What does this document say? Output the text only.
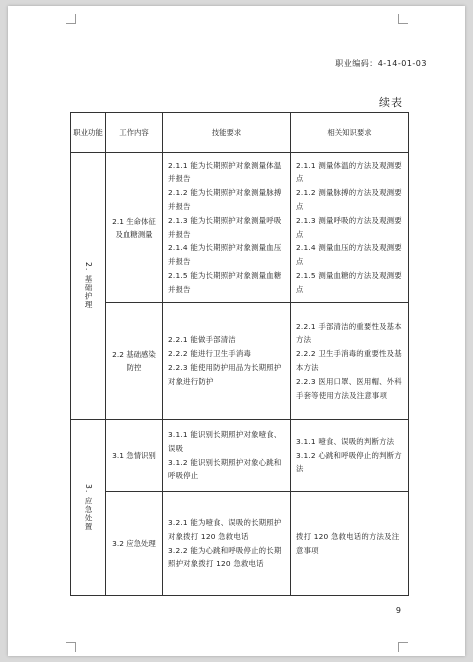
职业编码：4-14-01-03
续表
职业功能	工作内容	技能要求	相关知识要求

2. 基础护理	2.1 生命体征及血糖测量	2.1.1 能为长期照护对象测量体温并报告
2.1.2 能为长期照护对象测量脉搏并报告
2.1.3 能为长期照护对象测量呼吸并报告
2.1.4 能为长期照护对象测量血压并报告
2.1.5 能为长期照护对象测量血糖并报告	2.1.1 测量体温的方法及观测要点
2.1.2 测量脉搏的方法及观测要点
2.1.3 测量呼吸的方法及观测要点
2.1.4 测量血压的方法及观测要点
2.1.5 测量血糖的方法及观测要点

	2.2 基础感染防控	2.2.1 能做手部清洁
2.2.2 能进行卫生手消毒
2.2.3 能使用防护用品为长期照护对象进行防护	2.2.1 手部清洁的重要性及基本方法
2.2.2 卫生手消毒的重要性及基本方法
2.2.3 医用口罩、医用帽、外科手套等使用方法及注意事项

3. 应急处置	3.1 急情识别	3.1.1 能识别长期照护对象噎食、误吸
3.1.2 能识别长期照护对象心跳和呼吸停止	3.1.1 噎食、误吸的判断方法
3.1.2 心跳和呼吸停止的判断方法

	3.2 应急处理	3.2.1 能为噎食、误吸的长期照护对象拨打 120 急救电话
3.2.2 能为心跳和呼吸停止的长期照护对象拨打 120 急救电话	拨打 120 急救电话的方法及注意事项
9
